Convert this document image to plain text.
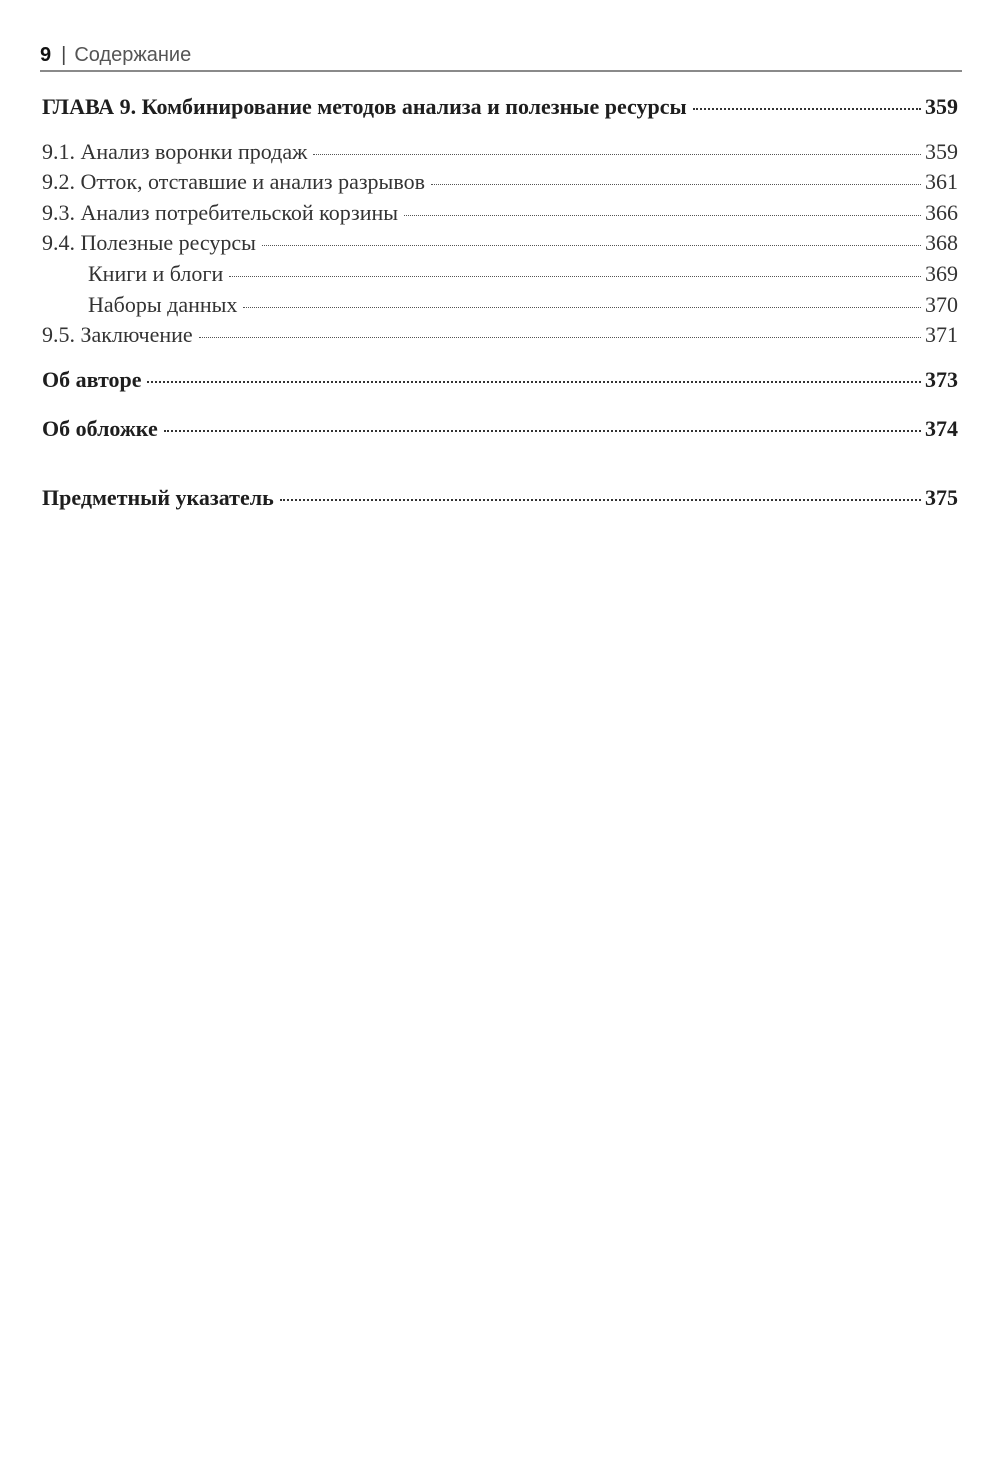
9 | Содержание
ГЛАВА 9. Комбинирование методов анализа и полезные ресурсы	359
9.1. Анализ воронки продаж	359
9.2. Отток, отставшие и анализ разрывов	361
9.3. Анализ потребительской корзины	366
9.4. Полезные ресурсы	368
Книги и блоги	369
Наборы данных	370
9.5. Заключение	371
Об авторе	373
Об обложке	374
Предметный указатель	375
